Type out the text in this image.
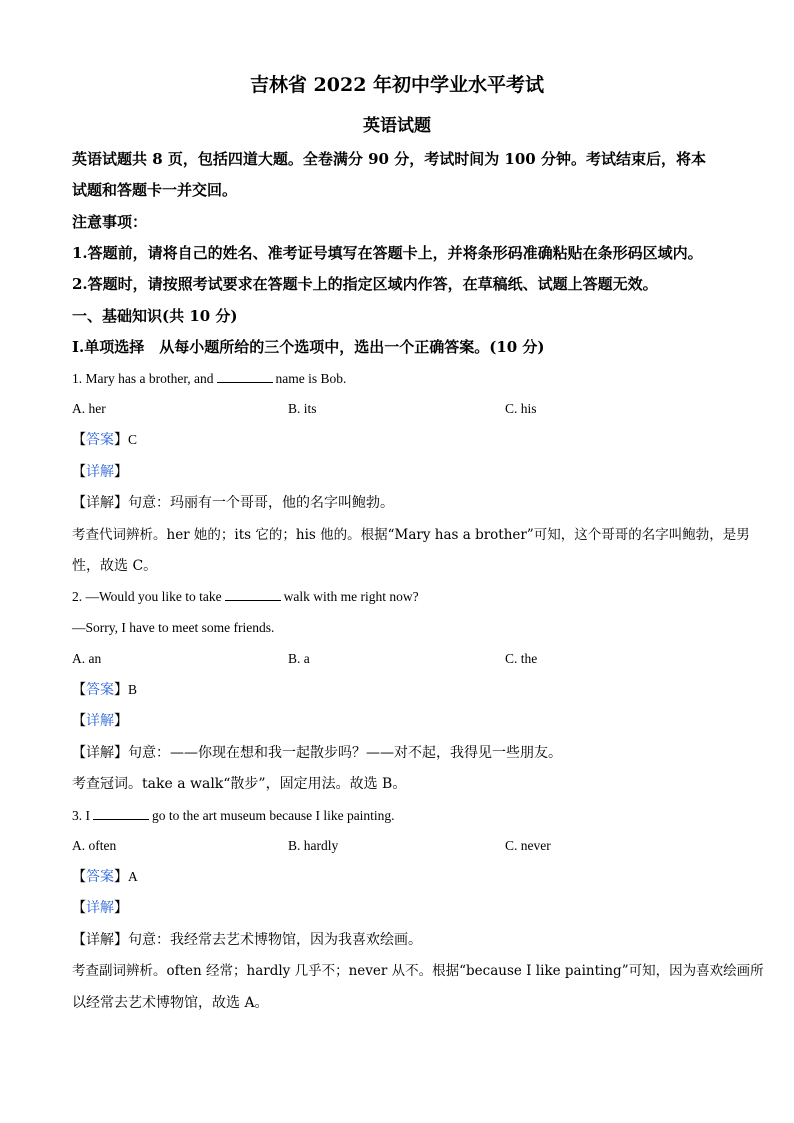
吉林省 2022 年初中学业水平考试
英语试题
英语试题共 8 页，包括四道大题。全卷满分 90 分，考试时间为 100 分钟。考试结束后，将本
试题和答题卡一并交回。
注意事项：
1.答题前，请将自己的姓名、准考证号填写在答题卡上，并将条形码准确粘贴在条形码区域内。
2.答题时，请按照考试要求在答题卡上的指定区域内作答，在草稿纸、试题上答题无效。
一、基础知识(共 10 分)
I.单项选择　从每小题所给的三个选项中，选出一个正确答案。(10 分)
1. Mary has a brother, and	name is Bob.
A. her	B. its	C. his
【答案】C
【详解】
【详解】句意：玛丽有一个哥哥，他的名字叫鲍勃。
考查代词辨析。her 她的；its 它的；his 他的。根据“Mary has a brother”可知，这个哥哥的名字叫鲍勃，是男
性，故选 C。
2. —Would you like to take	walk with me right now?
—Sorry, I have to meet some friends.
A. an	B. a	C. the
【答案】B
【详解】
【详解】句意：——你现在想和我一起散步吗？——对不起，我得见一些朋友。
考查冠词。take a walk“散步”，固定用法。故选 B。
3. I	go to the art museum because I like painting.
A. often	B. hardly	C. never
【答案】A
【详解】
【详解】句意：我经常去艺术博物馆，因为我喜欢绘画。
考查副词辨析。often 经常；hardly 几乎不；never 从不。根据“because I like painting”可知，因为喜欢绘画所
以经常去艺术博物馆，故选 A。
